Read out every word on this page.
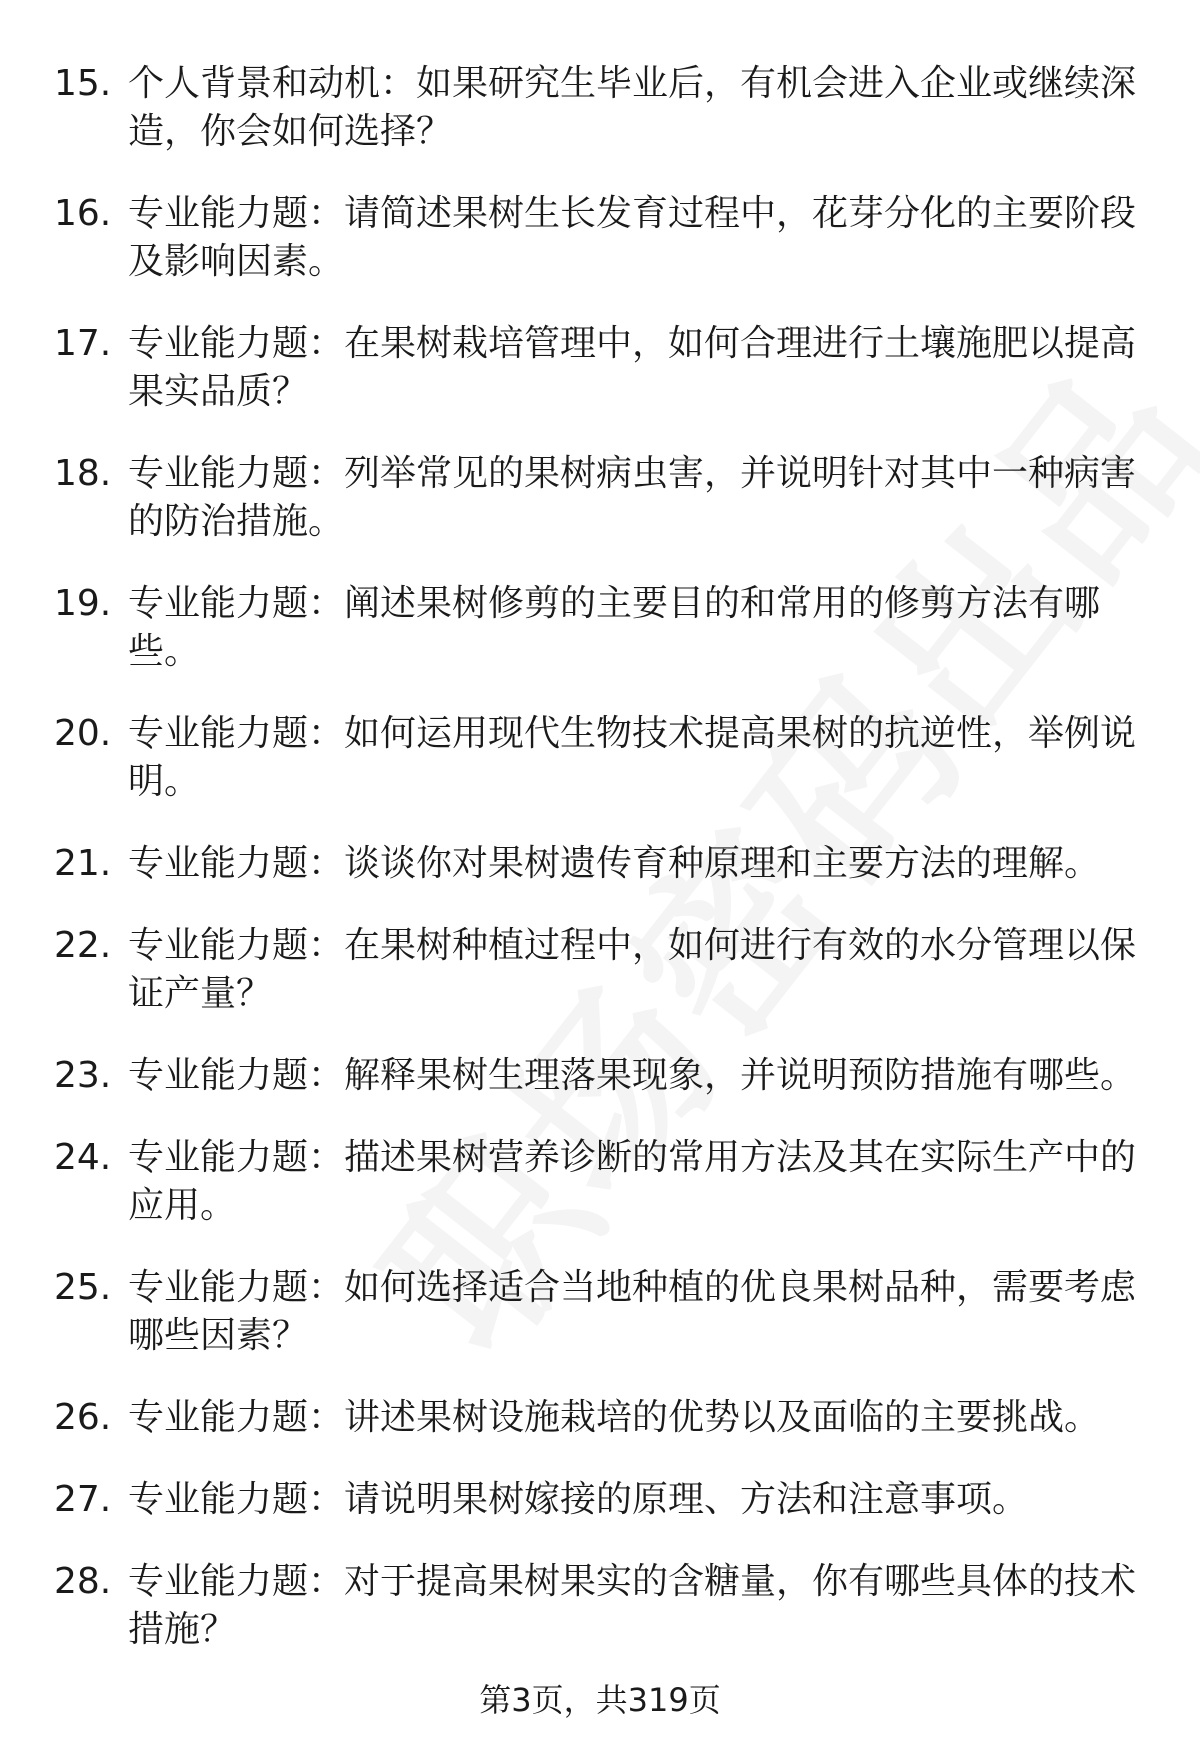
15. 个人背景和动机：如果研究生毕业后，有机会进入企业或继续深造，你会如何选择？
16. 专业能力题：请简述果树生长发育过程中，花芽分化的主要阶段及影响因素。
17. 专业能力题：在果树栽培管理中，如何合理进行土壤施肥以提高果实品质？
18. 专业能力题：列举常见的果树病虫害，并说明针对其中一种病害的防治措施。
19. 专业能力题：阐述果树修剪的主要目的和常用的修剪方法有哪些。
20. 专业能力题：如何运用现代生物技术提高果树的抗逆性，举例说明。
21. 专业能力题：谈谈你对果树遗传育种原理和主要方法的理解。
22. 专业能力题：在果树种植过程中，如何进行有效的水分管理以保证产量？
23. 专业能力题：解释果树生理落果现象，并说明预防措施有哪些。
24. 专业能力题：描述果树营养诊断的常用方法及其在实际生产中的应用。
25. 专业能力题：如何选择适合当地种植的优良果树品种，需要考虑哪些因素？
26. 专业能力题：讲述果树设施栽培的优势以及面临的主要挑战。
27. 专业能力题：请说明果树嫁接的原理、方法和注意事项。
28. 专业能力题：对于提高果树果实的含糖量，你有哪些具体的技术措施？
第3页，共319页
